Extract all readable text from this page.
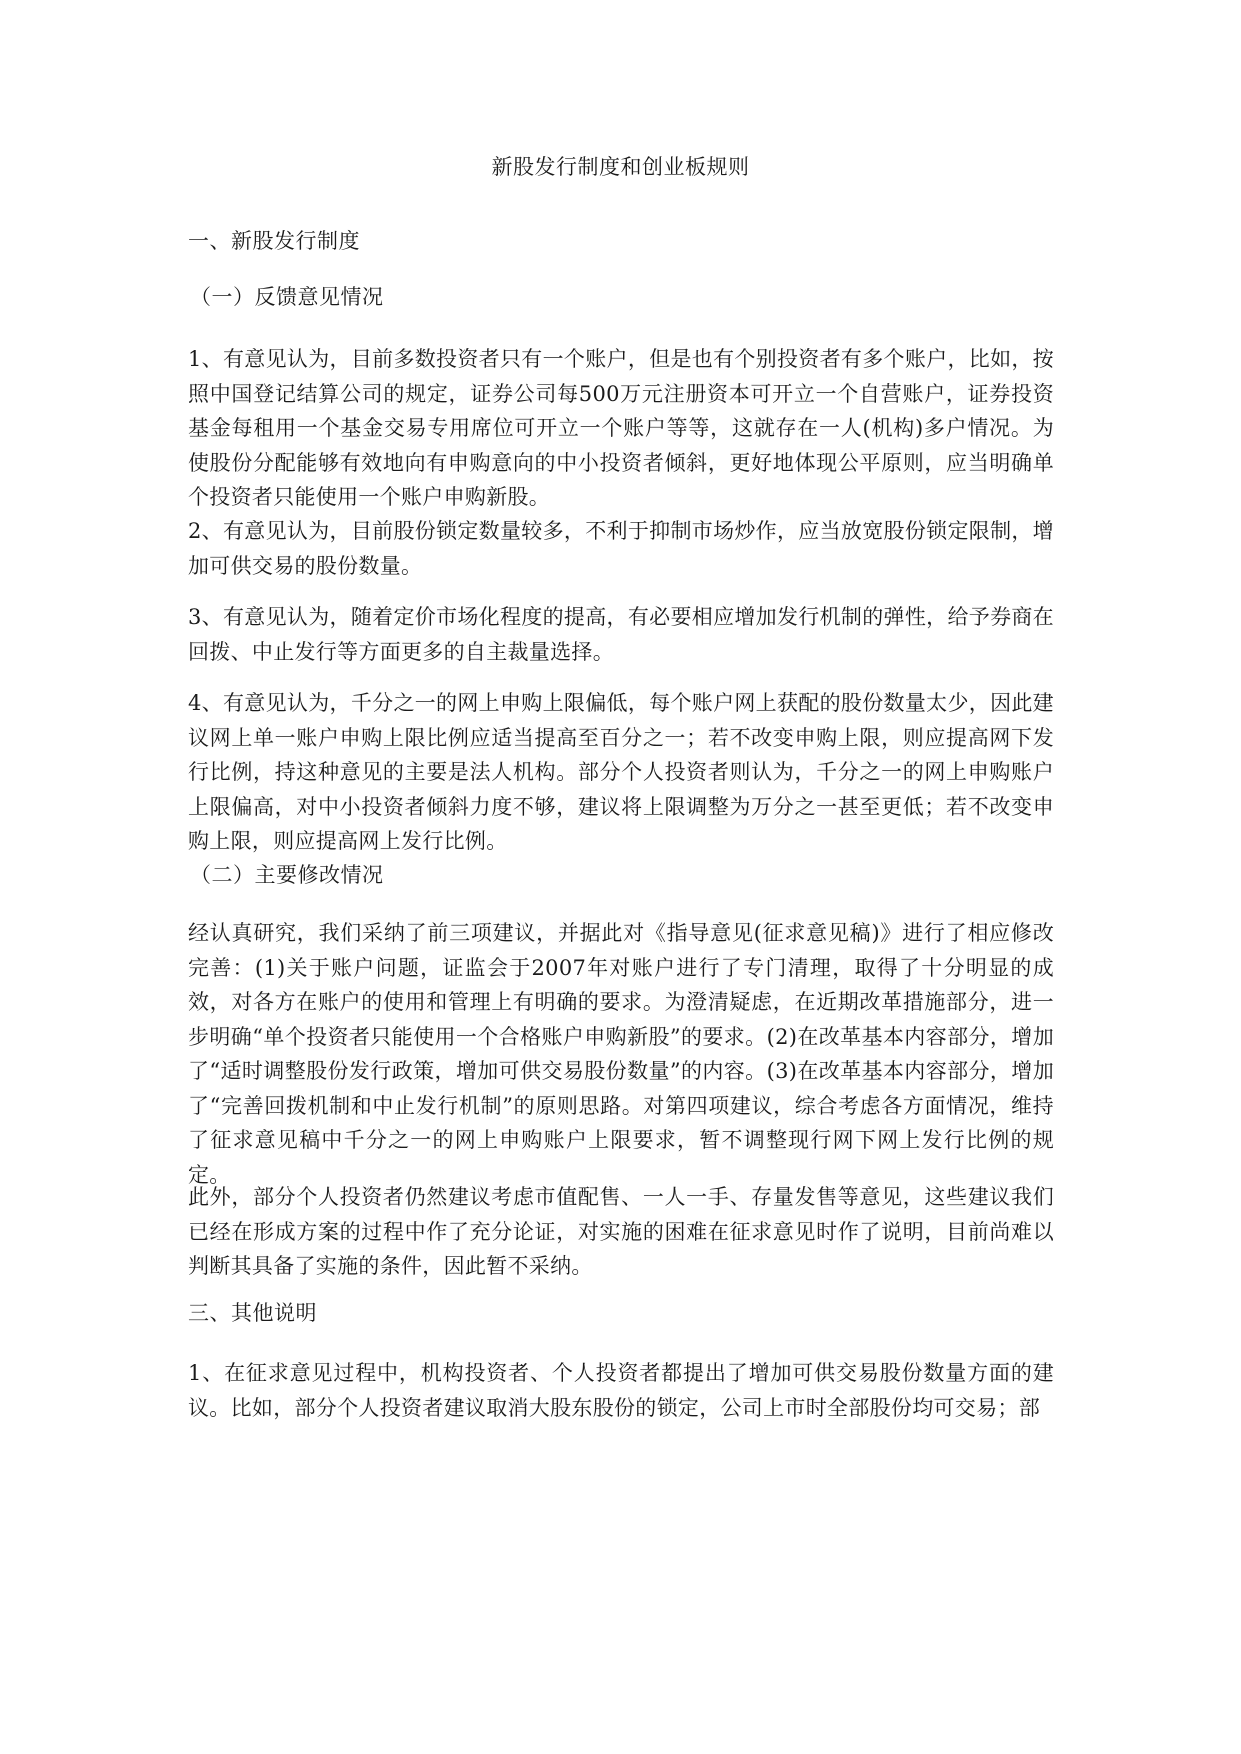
新股发行制度和创业板规则
一、新股发行制度
（一）反馈意见情况
1、有意见认为，目前多数投资者只有一个账户，但是也有个别投资者有多个账户，比如，按照中国登记结算公司的规定，证券公司每500万元注册资本可开立一个自营账户，证券投资基金每租用一个基金交易专用席位可开立一个账户等等，这就存在一人(机构)多户情况。为使股份分配能够有效地向有申购意向的中小投资者倾斜，更好地体现公平原则，应当明确单个投资者只能使用一个账户申购新股。
2、有意见认为，目前股份锁定数量较多，不利于抑制市场炒作，应当放宽股份锁定限制，增加可供交易的股份数量。
3、有意见认为，随着定价市场化程度的提高，有必要相应增加发行机制的弹性，给予券商在回拨、中止发行等方面更多的自主裁量选择。
4、有意见认为，千分之一的网上申购上限偏低，每个账户网上获配的股份数量太少，因此建议网上单一账户申购上限比例应适当提高至百分之一；若不改变申购上限，则应提高网下发行比例，持这种意见的主要是法人机构。部分个人投资者则认为，千分之一的网上申购账户上限偏高，对中小投资者倾斜力度不够，建议将上限调整为万分之一甚至更低；若不改变申购上限，则应提高网上发行比例。
（二）主要修改情况
经认真研究，我们采纳了前三项建议，并据此对《指导意见(征求意见稿)》进行了相应修改完善：(1)关于账户问题，证监会于2007年对账户进行了专门清理，取得了十分明显的成效，对各方在账户的使用和管理上有明确的要求。为澄清疑虑，在近期改革措施部分，进一步明确“单个投资者只能使用一个合格账户申购新股”的要求。(2)在改革基本内容部分，增加了“适时调整股份发行政策，增加可供交易股份数量”的内容。(3)在改革基本内容部分，增加了“完善回拨机制和中止发行机制”的原则思路。对第四项建议，综合考虑各方面情况，维持了征求意见稿中千分之一的网上申购账户上限要求，暂不调整现行网下网上发行比例的规定。
此外，部分个人投资者仍然建议考虑市值配售、一人一手、存量发售等意见，这些建议我们已经在形成方案的过程中作了充分论证，对实施的困难在征求意见时作了说明，目前尚难以判断其具备了实施的条件，因此暂不采纳。
三、其他说明
1、在征求意见过程中，机构投资者、个人投资者都提出了增加可供交易股份数量方面的建议。比如，部分个人投资者建议取消大股东股份的锁定，公司上市时全部股份均可交易；部
